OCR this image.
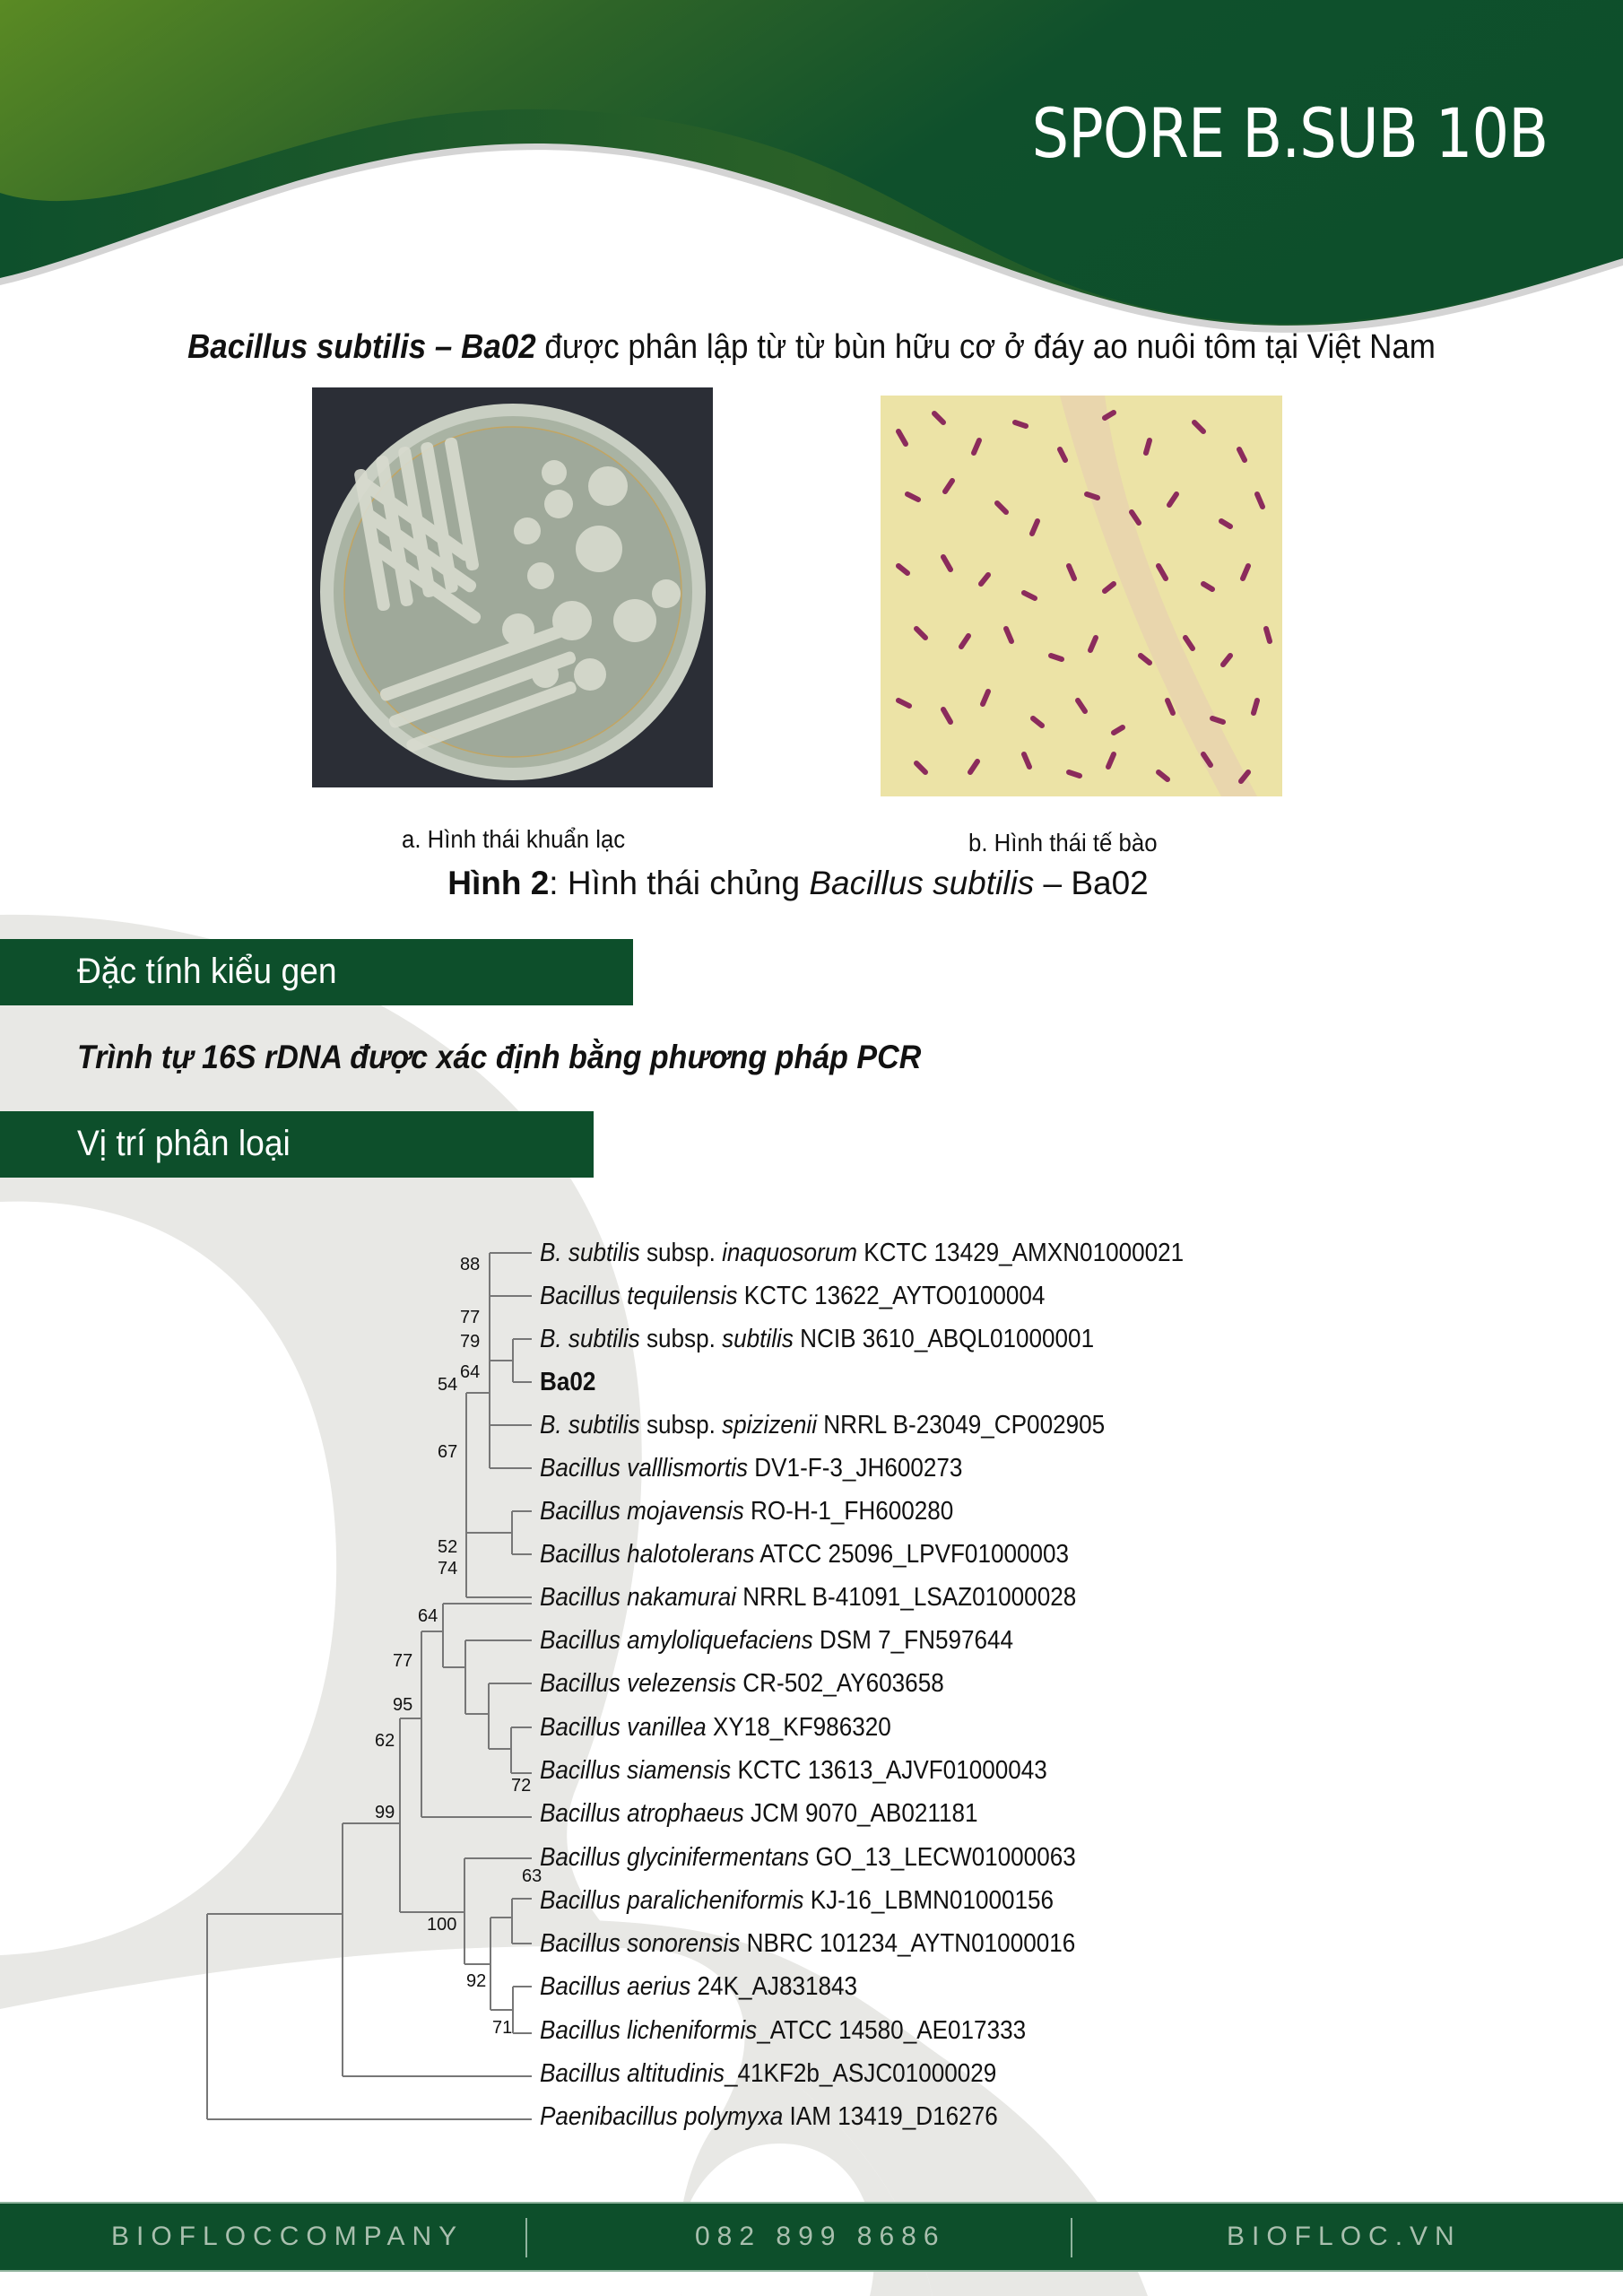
SPORE B.SUB 10B
Bacillus subtilis – Ba02 được phân lập từ từ bùn hữu cơ ở đáy ao nuôi tôm tại Việt Nam
a. Hình thái khuẩn lạc	b. Hình thái tế bào
Hình 2: Hình thái chủng Bacillus subtilis – Ba02
Đặc tính kiểu gen
Trình tự 16S rDNA được xác định bằng phương pháp PCR
Vị trí phân loại
B. subtilis subsp. inaquosorum KCTC 13429_AMXN01000021
Bacillus tequilensis KCTC 13622_AYTO0100004
B. subtilis subsp. subtilis NCIB 3610_ABQL01000001
Ba02
B. subtilis subsp. spizizenii NRRL B-23049_CP002905
Bacillus valllismortis DV1-F-3_JH600273
Bacillus mojavensis RO-H-1_FH600280
Bacillus halotolerans ATCC 25096_LPVF01000003
Bacillus nakamurai NRRL B-41091_LSAZ01000028
Bacillus amyloliquefaciens DSM 7_FN597644
Bacillus velezensis CR-502_AY603658
Bacillus vanillea XY18_KF986320
Bacillus siamensis KCTC 13613_AJVF01000043
Bacillus atrophaeus JCM 9070_AB021181
Bacillus glycinifermentans GO_13_LECW01000063
Bacillus paralicheniformis KJ-16_LBMN01000156
Bacillus sonorensis NBRC 101234_AYTN01000016
Bacillus aerius 24K_AJ831843
Bacillus licheniformis_ATCC 14580_AE017333
Bacillus altitudinis_41KF2b_ASJC01000029
Paenibacillus polymyxa IAM 13419_D16276
88
77
79
64
54
67
52
74
64
77
95
62
99
72
63
100
92
71
BIOFLOCCOMPANY	082 899 8686	BIOFLOC.VN
